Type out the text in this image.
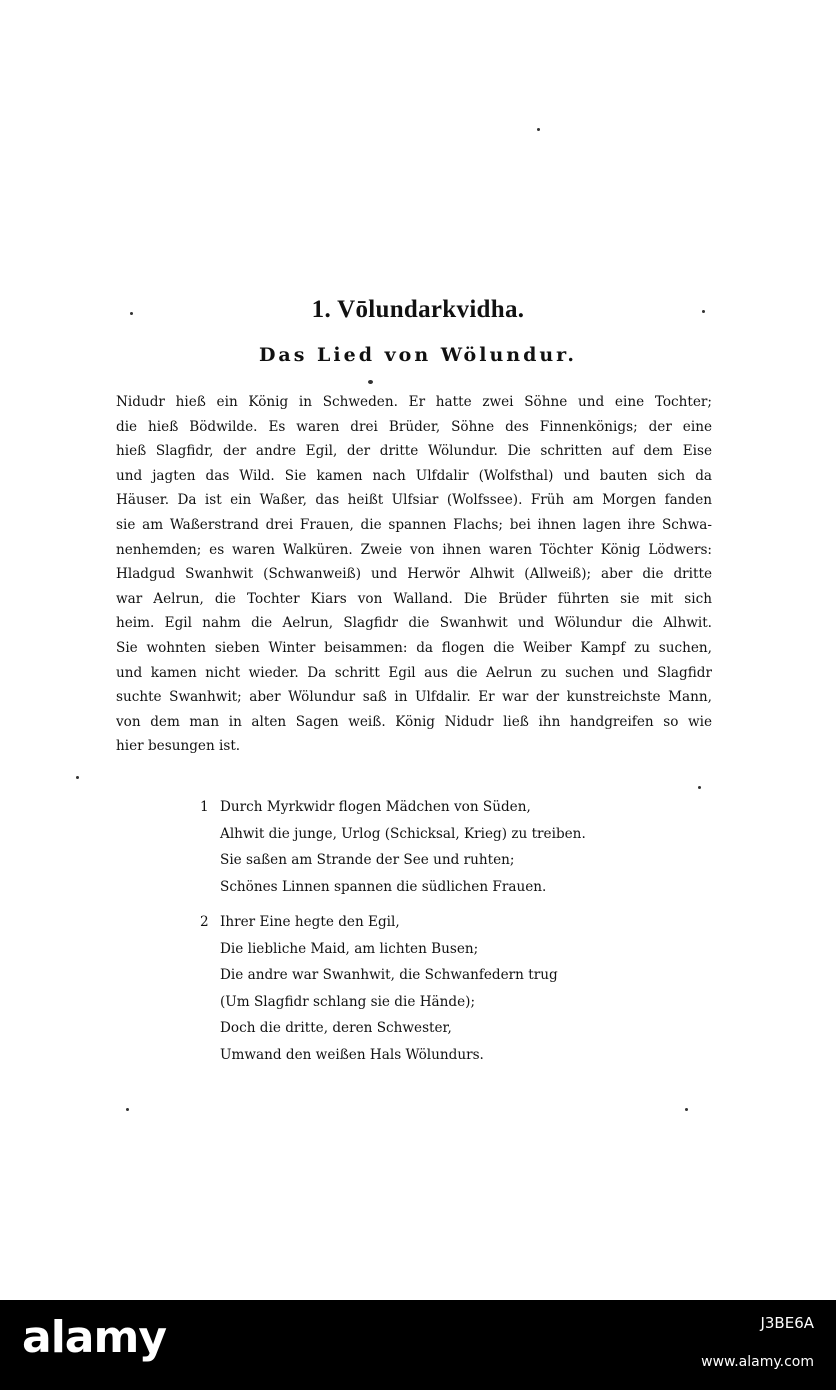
1. Vōlundarkvidha.
Das Lied von Wölundur.
Nidudr hieß ein König in Schweden. Er hatte zwei Söhne und eine Tochter;
die hieß Bödwilde. Es waren drei Brüder, Söhne des Finnenkönigs; der eine
hieß Slagfidr, der andre Egil, der dritte Wölundur. Die schritten auf dem Eise
und jagten das Wild. Sie kamen nach Ulfdalir (Wolfsthal) und bauten sich da
Häuser. Da ist ein Waßer, das heißt Ulfsiar (Wolfssee). Früh am Morgen fanden
sie am Waßerstrand drei Frauen, die spannen Flachs; bei ihnen lagen ihre Schwa-
nenhemden; es waren Walküren. Zweie von ihnen waren Töchter König Lödwers:
Hladgud Swanhwit (Schwanweiß) und Herwör Alhwit (Allweiß); aber die dritte
war Aelrun, die Tochter Kiars von Walland. Die Brüder führten sie mit sich
heim. Egil nahm die Aelrun, Slagfidr die Swanhwit und Wölundur die Alhwit.
Sie wohnten sieben Winter beisammen: da flogen die Weiber Kampf zu suchen,
und kamen nicht wieder. Da schritt Egil aus die Aelrun zu suchen und Slagfidr
suchte Swanhwit; aber Wölundur saß in Ulfdalir. Er war der kunstreichste Mann,
von dem man in alten Sagen weiß. König Nidudr ließ ihn handgreifen so wie
hier besungen ist.
1 Durch Myrkwidr flogen Mädchen von Süden,
Alhwit die junge, Urlog (Schicksal, Krieg) zu treiben.
Sie saßen am Strande der See und ruhten;
Schönes Linnen spannen die südlichen Frauen.
2 Ihrer Eine hegte den Egil,
Die liebliche Maid, am lichten Busen;
Die andre war Swanhwit, die Schwanfedern trug
(Um Slagfidr schlang sie die Hände);
Doch die dritte, deren Schwester,
Umwand den weißen Hals Wölundurs.
alamy	J3BE6A
www.alamy.com
